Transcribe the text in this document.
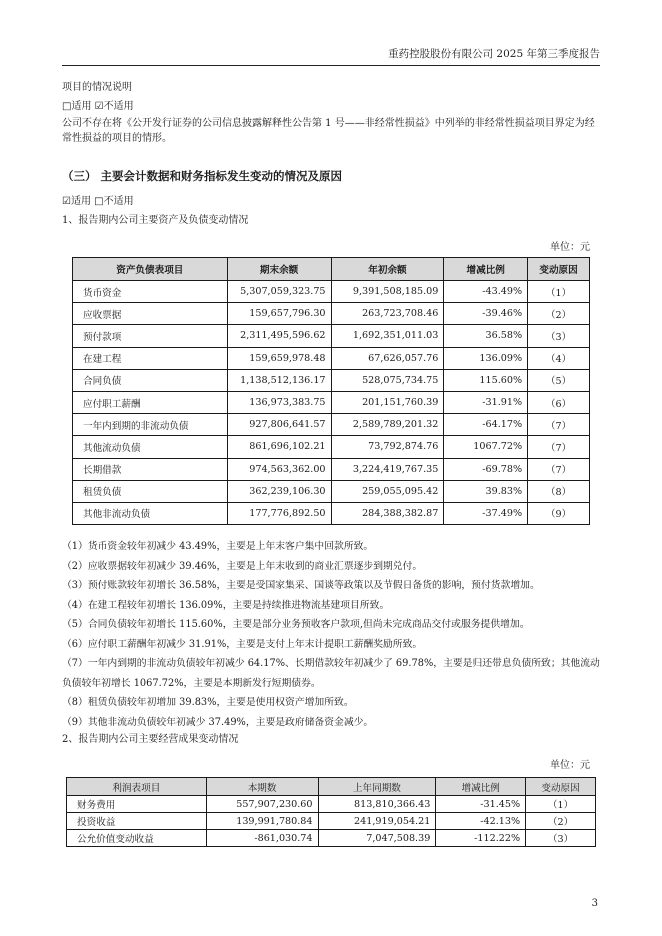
重药控股股份有限公司 2025 年第三季度报告
项目的情况说明
□适用 ☑不适用
公司不存在将《公开发行证券的公司信息披露解释性公告第 1 号——非经常性损益》中列举的非经常性损益项目界定为经常性损益的项目的情形。
（三） 主要会计数据和财务指标发生变动的情况及原因
☑适用 □不适用
1、报告期内公司主要资产及负债变动情况
单位：元
资产负债表项目	期末余额	年初余额	增减比例	变动原因
货币资金	5,307,059,323.75	9,391,508,185.09	-43.49%	（1）
应收票据	159,657,796.30	263,723,708.46	-39.46%	（2）
预付款项	2,311,495,596.62	1,692,351,011.03	36.58%	（3）
在建工程	159,659,978.48	67,626,057.76	136.09%	（4）
合同负债	1,138,512,136.17	528,075,734.75	115.60%	（5）
应付职工薪酬	136,973,383.75	201,151,760.39	-31.91%	（6）
一年内到期的非流动负债	927,806,641.57	2,589,789,201.32	-64.17%	（7）
其他流动负债	861,696,102.21	73,792,874.76	1067.72%	（7）
长期借款	974,563,362.00	3,224,419,767.35	-69.78%	（7）
租赁负债	362,239,106.30	259,055,095.42	39.83%	（8）
其他非流动负债	177,776,892.50	284,388,382.87	-37.49%	（9）
（1）货币资金较年初减少 43.49%，主要是上年末客户集中回款所致。
（2）应收票据较年初减少 39.46%，主要是上年末收到的商业汇票逐步到期兑付。
（3）预付账款较年初增长 36.58%，主要是受国家集采、国谈等政策以及节假日备货的影响，预付货款增加。
（4）在建工程较年初增长 136.09%，主要是持续推进物流基建项目所致。
（5）合同负债较年初增长 115.60%，主要是部分业务预收客户款项,但尚未完成商品交付或服务提供增加。
（6）应付职工薪酬年初减少 31.91%，主要是支付上年末计提职工薪酬奖励所致。
（7）一年内到期的非流动负债较年初减少 64.17%、长期借款较年初减少了 69.78%，主要是归还带息负债所致；其他流动负债较年初增长 1067.72%，主要是本期新发行短期债券。
（8）租赁负债较年初增加 39.83%，主要是使用权资产增加所致。
（9）其他非流动负债较年初减少 37.49%，主要是政府储备资金减少。
2、报告期内公司主要经营成果变动情况
单位：元
利润表项目	本期数	上年同期数	增减比例	变动原因
财务费用	557,907,230.60	813,810,366.43	-31.45%	（1）
投资收益	139,991,780.84	241,919,054.21	-42.13%	（2）
公允价值变动收益	-861,030.74	7,047,508.39	-112.22%	（3）
3
